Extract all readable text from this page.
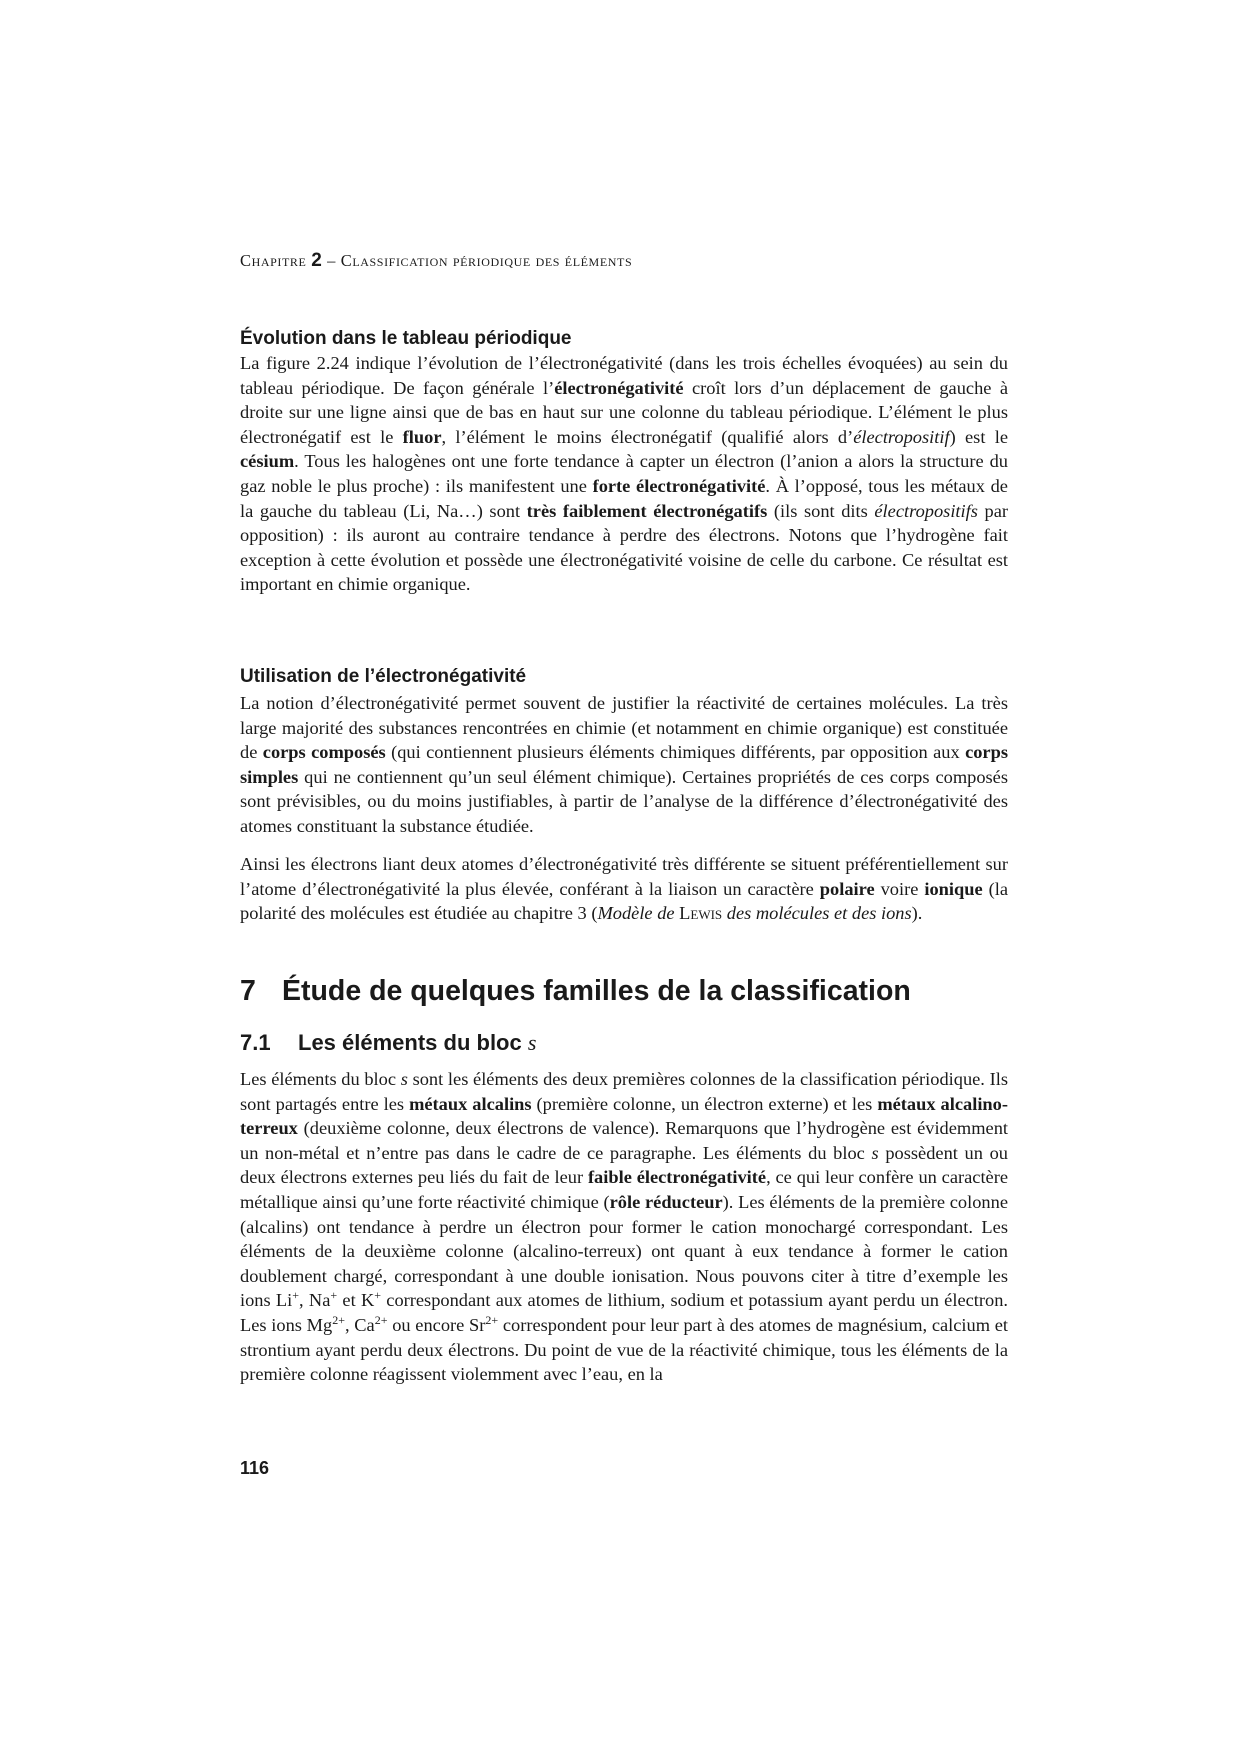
Chapitre 2 – Classification périodique des éléments
Évolution dans le tableau périodique

La figure 2.24 indique l’évolution de l’électronégativité (dans les trois échelles évoquées) au sein du tableau périodique. De façon générale l’électronégativité croît lors d’un déplacement de gauche à droite sur une ligne ainsi que de bas en haut sur une colonne du tableau périodique. L’élément le plus électronégatif est le fluor, l’élément le moins électronégatif (qualifié alors d’électropositif) est le césium. Tous les halogènes ont une forte tendance à capter un électron (l’anion a alors la structure du gaz noble le plus proche) : ils manifestent une forte électronégativité. À l’opposé, tous les métaux de la gauche du tableau (Li, Na…) sont très faiblement électronégatifs (ils sont dits électropositifs par opposition) : ils auront au contraire tendance à perdre des électrons. Notons que l’hydrogène fait exception à cette évolution et possède une électronégativité voisine de celle du carbone. Ce résultat est important en chimie organique.

Utilisation de l’électronégativité

La notion d’électronégativité permet souvent de justifier la réactivité de certaines molécules. La très large majorité des substances rencontrées en chimie (et notamment en chimie organique) est constituée de corps composés (qui contiennent plusieurs éléments chimiques différents, par opposition aux corps simples qui ne contiennent qu’un seul élément chimique). Certaines propriétés de ces corps composés sont prévisibles, ou du moins justifiables, à partir de l’analyse de la différence d’électronégativité des atomes constituant la substance étudiée.

Ainsi les électrons liant deux atomes d’électronégativité très différente se situent préférentiellement sur l’atome d’électronégativité la plus élevée, conférant à la liaison un caractère polaire voire ionique (la polarité des molécules est étudiée au chapitre 3 (Modèle de Lewis des molécules et des ions).

7 Étude de quelques familles de la classification
7.1 Les éléments du bloc s

Les éléments du bloc s sont les éléments des deux premières colonnes de la classification périodique. Ils sont partagés entre les métaux alcalins (première colonne, un électron externe) et les métaux alcalino-terreux (deuxième colonne, deux électrons de valence). Remarquons que l’hydrogène est évidemment un non-métal et n’entre pas dans le cadre de ce paragraphe. Les éléments du bloc s possèdent un ou deux électrons externes peu liés du fait de leur faible électronégativité, ce qui leur confère un caractère métallique ainsi qu’une forte réactivité chimique (rôle réducteur). Les éléments de la première colonne (alcalins) ont tendance à perdre un électron pour former le cation monochargé correspondant. Les éléments de la deuxième colonne (alcalino-terreux) ont quant à eux tendance à former le cation doublement chargé, correspondant à une double ionisation. Nous pouvons citer à titre d’exemple les ions Li+, Na+ et K+ correspondant aux atomes de lithium, sodium et potassium ayant perdu un électron. Les ions $Mg^{2+}$, $Ca^{2+}$ ou encore $Sr^{2+}$ correspondent pour leur part à des atomes de magnésium, calcium et strontium ayant perdu deux électrons. Du point de vue de la réactivité chimique, tous les éléments de la première colonne réagissent violemment avec l’eau, en la

116
